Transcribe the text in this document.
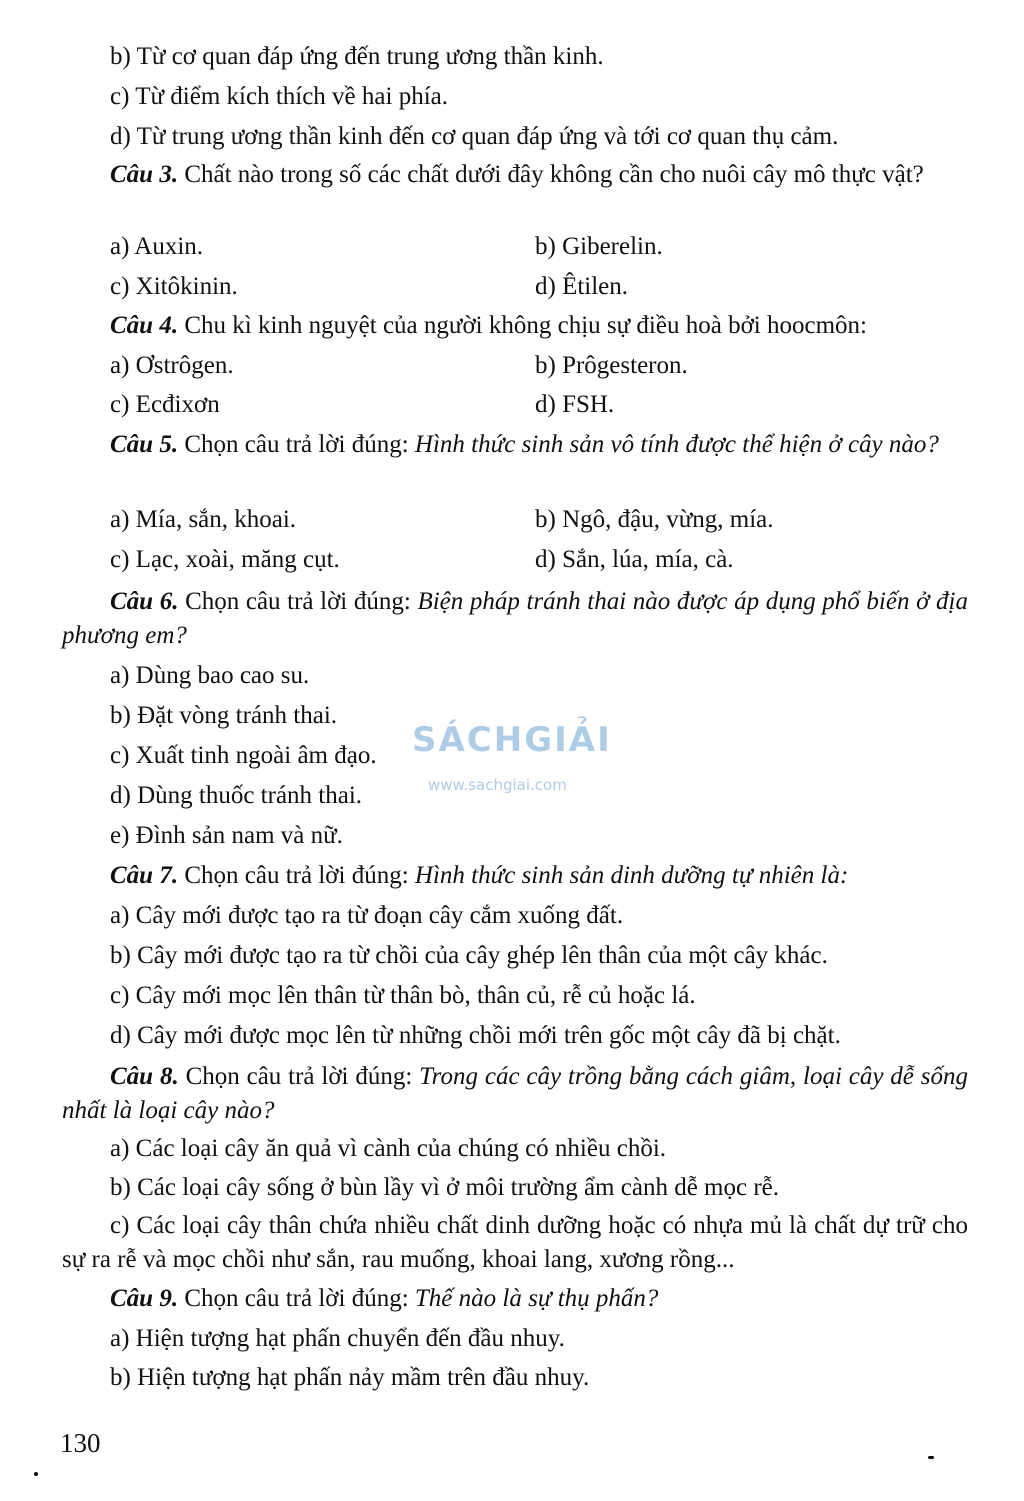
b) Từ cơ quan đáp ứng đến trung ương thần kinh.
c) Từ điểm kích thích về hai phía.
d) Từ trung ương thần kinh đến cơ quan đáp ứng và tới cơ quan thụ cảm.
Câu 3. Chất nào trong số các chất dưới đây không cần cho nuôi cây mô thực vật?
a) Auxin.	b) Giberelin.
c) Xitôkinin.	d) Êtilen.
Câu 4. Chu kì kinh nguyệt của người không chịu sự điều hoà bởi hoocmôn:
a) Ơstrôgen.	b) Prôgesteron.
c) Ecđixơn	d) FSH.
Câu 5. Chọn câu trả lời đúng: Hình thức sinh sản vô tính được thể hiện ở cây nào?
a) Mía, sắn, khoai.	b) Ngô, đậu, vừng, mía.
c) Lạc, xoài, măng cụt.	d) Sắn, lúa, mía, cà.
Câu 6. Chọn câu trả lời đúng: Biện pháp tránh thai nào được áp dụng phổ biến ở địa phương em?
a) Dùng bao cao su.
b) Đặt vòng tránh thai.
c) Xuất tinh ngoài âm đạo.
d) Dùng thuốc tránh thai.
e) Đình sản nam và nữ.
Câu 7. Chọn câu trả lời đúng: Hình thức sinh sản dinh dưỡng tự nhiên là:
a) Cây mới được tạo ra từ đoạn cây cắm xuống đất.
b) Cây mới được tạo ra từ chồi của cây ghép lên thân của một cây khác.
c) Cây mới mọc lên thân từ thân bò, thân củ, rễ củ hoặc lá.
d) Cây mới được mọc lên từ những chồi mới trên gốc một cây đã bị chặt.
Câu 8. Chọn câu trả lời đúng: Trong các cây trồng bằng cách giâm, loại cây dễ sống nhất là loại cây nào?
a) Các loại cây ăn quả vì cành của chúng có nhiều chồi.
b) Các loại cây sống ở bùn lầy vì ở môi trường ẩm cành dễ mọc rễ.
c) Các loại cây thân chứa nhiều chất dinh dưỡng hoặc có nhựa mủ là chất dự trữ cho sự ra rễ và mọc chồi như sắn, rau muống, khoai lang, xương rồng...
Câu 9. Chọn câu trả lời đúng: Thế nào là sự thụ phấn?
a) Hiện tượng hạt phấn chuyển đến đầu nhuy.
b) Hiện tượng hạt phấn nảy mầm trên đầu nhuy.
SÁCHGIẢI
www.sachgiai.com
130
